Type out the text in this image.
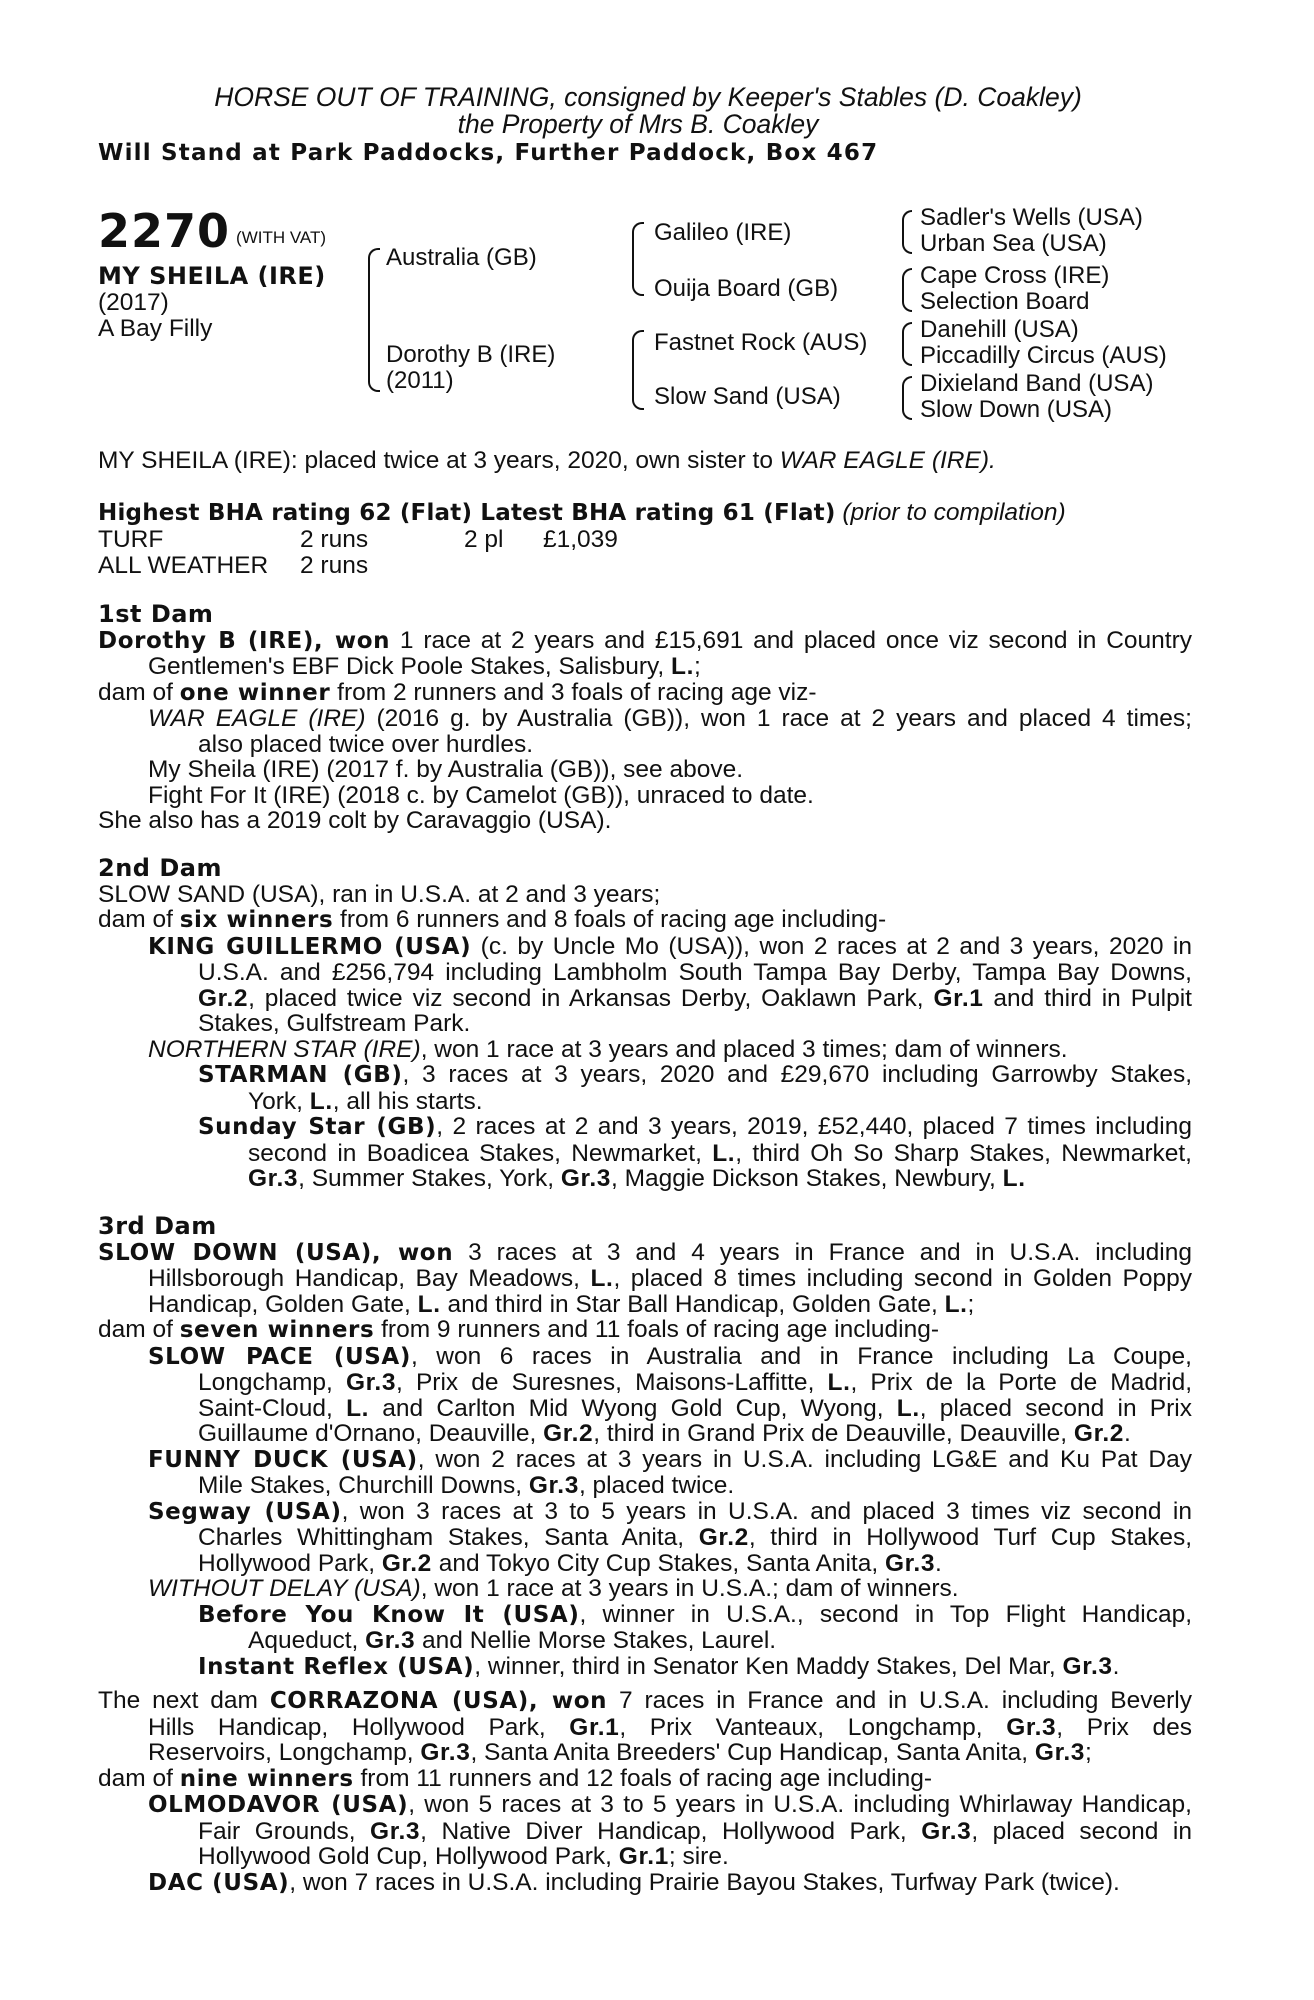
HORSE OUT OF TRAINING, consigned by Keeper's Stables (D. Coakley)
the Property of Mrs B. Coakley
Will Stand at Park Paddocks, Further Paddock, Box 467
2270 (WITH VAT)
MY SHEILA (IRE)
(2017)
A Bay Filly
Australia (GB)
Dorothy B (IRE)
(2011)
Galileo (IRE)
Ouija Board (GB)
Fastnet Rock (AUS)
Slow Sand (USA)
Sadler's Wells (USA)
Urban Sea (USA)
Cape Cross (IRE)
Selection Board
Danehill (USA)
Piccadilly Circus (AUS)
Dixieland Band (USA)
Slow Down (USA)
MY SHEILA (IRE): placed twice at 3 years, 2020, own sister to WAR EAGLE (IRE).
Highest BHA rating 62 (Flat) Latest BHA rating 61 (Flat) (prior to compilation)
TURF	2 runs	2 pl £1,039
ALL WEATHER 2 runs
1st Dam
Dorothy B (IRE), won 1 race at 2 years and £15,691 and placed once viz second in Country
Gentlemen's EBF Dick Poole Stakes, Salisbury, L.;
dam of one winner from 2 runners and 3 foals of racing age viz-
WAR EAGLE (IRE) (2016 g. by Australia (GB)), won 1 race at 2 years and placed 4 times;
also placed twice over hurdles.
My Sheila (IRE) (2017 f. by Australia (GB)), see above.
Fight For It (IRE) (2018 c. by Camelot (GB)), unraced to date.
She also has a 2019 colt by Caravaggio (USA).
2nd Dam
SLOW SAND (USA), ran in U.S.A. at 2 and 3 years;
dam of six winners from 6 runners and 8 foals of racing age including-
KING GUILLERMO (USA) (c. by Uncle Mo (USA)), won 2 races at 2 and 3 years, 2020 in
U.S.A. and £256,794 including Lambholm South Tampa Bay Derby, Tampa Bay Downs,
Gr.2, placed twice viz second in Arkansas Derby, Oaklawn Park, Gr.1 and third in Pulpit
Stakes, Gulfstream Park.
NORTHERN STAR (IRE), won 1 race at 3 years and placed 3 times; dam of winners.
STARMAN (GB), 3 races at 3 years, 2020 and £29,670 including Garrowby Stakes,
York, L., all his starts.
Sunday Star (GB), 2 races at 2 and 3 years, 2019, £52,440, placed 7 times including
second in Boadicea Stakes, Newmarket, L., third Oh So Sharp Stakes, Newmarket,
Gr.3, Summer Stakes, York, Gr.3, Maggie Dickson Stakes, Newbury, L.
3rd Dam
SLOW DOWN (USA), won 3 races at 3 and 4 years in France and in U.S.A. including
Hillsborough Handicap, Bay Meadows, L., placed 8 times including second in Golden Poppy
Handicap, Golden Gate, L. and third in Star Ball Handicap, Golden Gate, L.;
dam of seven winners from 9 runners and 11 foals of racing age including-
SLOW PACE (USA), won 6 races in Australia and in France including La Coupe,
Longchamp, Gr.3, Prix de Suresnes, Maisons-Laffitte, L., Prix de la Porte de Madrid,
Saint-Cloud, L. and Carlton Mid Wyong Gold Cup, Wyong, L., placed second in Prix
Guillaume d'Ornano, Deauville, Gr.2, third in Grand Prix de Deauville, Deauville, Gr.2.
FUNNY DUCK (USA), won 2 races at 3 years in U.S.A. including LG&E and Ku Pat Day
Mile Stakes, Churchill Downs, Gr.3, placed twice.
Segway (USA), won 3 races at 3 to 5 years in U.S.A. and placed 3 times viz second in
Charles Whittingham Stakes, Santa Anita, Gr.2, third in Hollywood Turf Cup Stakes,
Hollywood Park, Gr.2 and Tokyo City Cup Stakes, Santa Anita, Gr.3.
WITHOUT DELAY (USA), won 1 race at 3 years in U.S.A.; dam of winners.
Before You Know It (USA), winner in U.S.A., second in Top Flight Handicap,
Aqueduct, Gr.3 and Nellie Morse Stakes, Laurel.
Instant Reflex (USA), winner, third in Senator Ken Maddy Stakes, Del Mar, Gr.3.
The next dam CORRAZONA (USA), won 7 races in France and in U.S.A. including Beverly
Hills Handicap, Hollywood Park, Gr.1, Prix Vanteaux, Longchamp, Gr.3, Prix des
Reservoirs, Longchamp, Gr.3, Santa Anita Breeders' Cup Handicap, Santa Anita, Gr.3;
dam of nine winners from 11 runners and 12 foals of racing age including-
OLMODAVOR (USA), won 5 races at 3 to 5 years in U.S.A. including Whirlaway Handicap,
Fair Grounds, Gr.3, Native Diver Handicap, Hollywood Park, Gr.3, placed second in
Hollywood Gold Cup, Hollywood Park, Gr.1; sire.
DAC (USA), won 7 races in U.S.A. including Prairie Bayou Stakes, Turfway Park (twice).
